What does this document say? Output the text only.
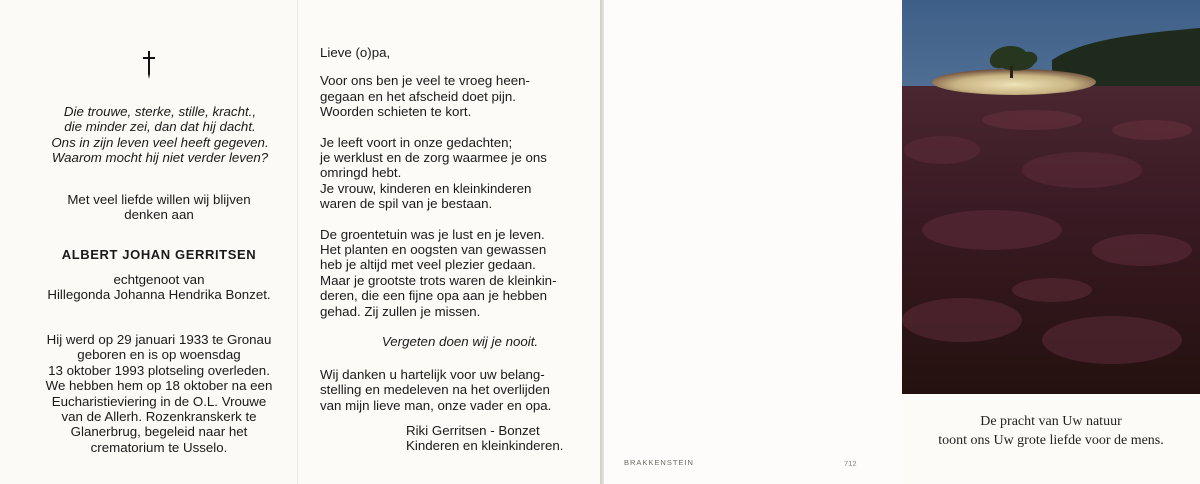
Die trouwe, sterke, stille, kracht.,
die minder zei, dan dat hij dacht.
Ons in zijn leven veel heeft gegeven.
Waarom mocht hij niet verder leven?
Met veel liefde willen wij blijven
denken aan
ALBERT JOHAN GERRITSEN
echtgenoot van
Hillegonda Johanna Hendrika Bonzet.
Hij werd op 29 januari 1933 te Gronau
geboren en is op woensdag
13 oktober 1993 plotseling overleden.
We hebben hem op 18 oktober na een
Eucharistieviering in de O.L. Vrouwe
van de Allerh. Rozenkranskerk te
Glanerbrug, begeleid naar het
crematorium te Usselo.

Lieve (o)pa,

Voor ons ben je veel te vroeg heen-

gegaan en het afscheid doet pijn.

Woorden schieten te kort.

Je leeft voort in onze gedachten;

je werklust en de zorg waarmee je ons

omringd hebt.

Je vrouw, kinderen en kleinkinderen

waren de spil van je bestaan.

De groentetuin was je lust en je leven.

Het planten en oogsten van gewassen

heb je altijd met veel plezier gedaan.

Maar je grootste trots waren de kleinkin-

deren, die een fijne opa aan je hebben

gehad. Zij zullen je missen.

Vergeten doen wij je nooit.

Wij danken u hartelijk voor uw belang-
stelling en medeleven na het overlijden
van mijn lieve man, onze vader en opa.
Riki Gerritsen - Bonzet
Kinderen en kleinkinderen.
BRAKKENSTEIN	712
De pracht van Uw natuur
toont ons Uw grote liefde voor de mens.
